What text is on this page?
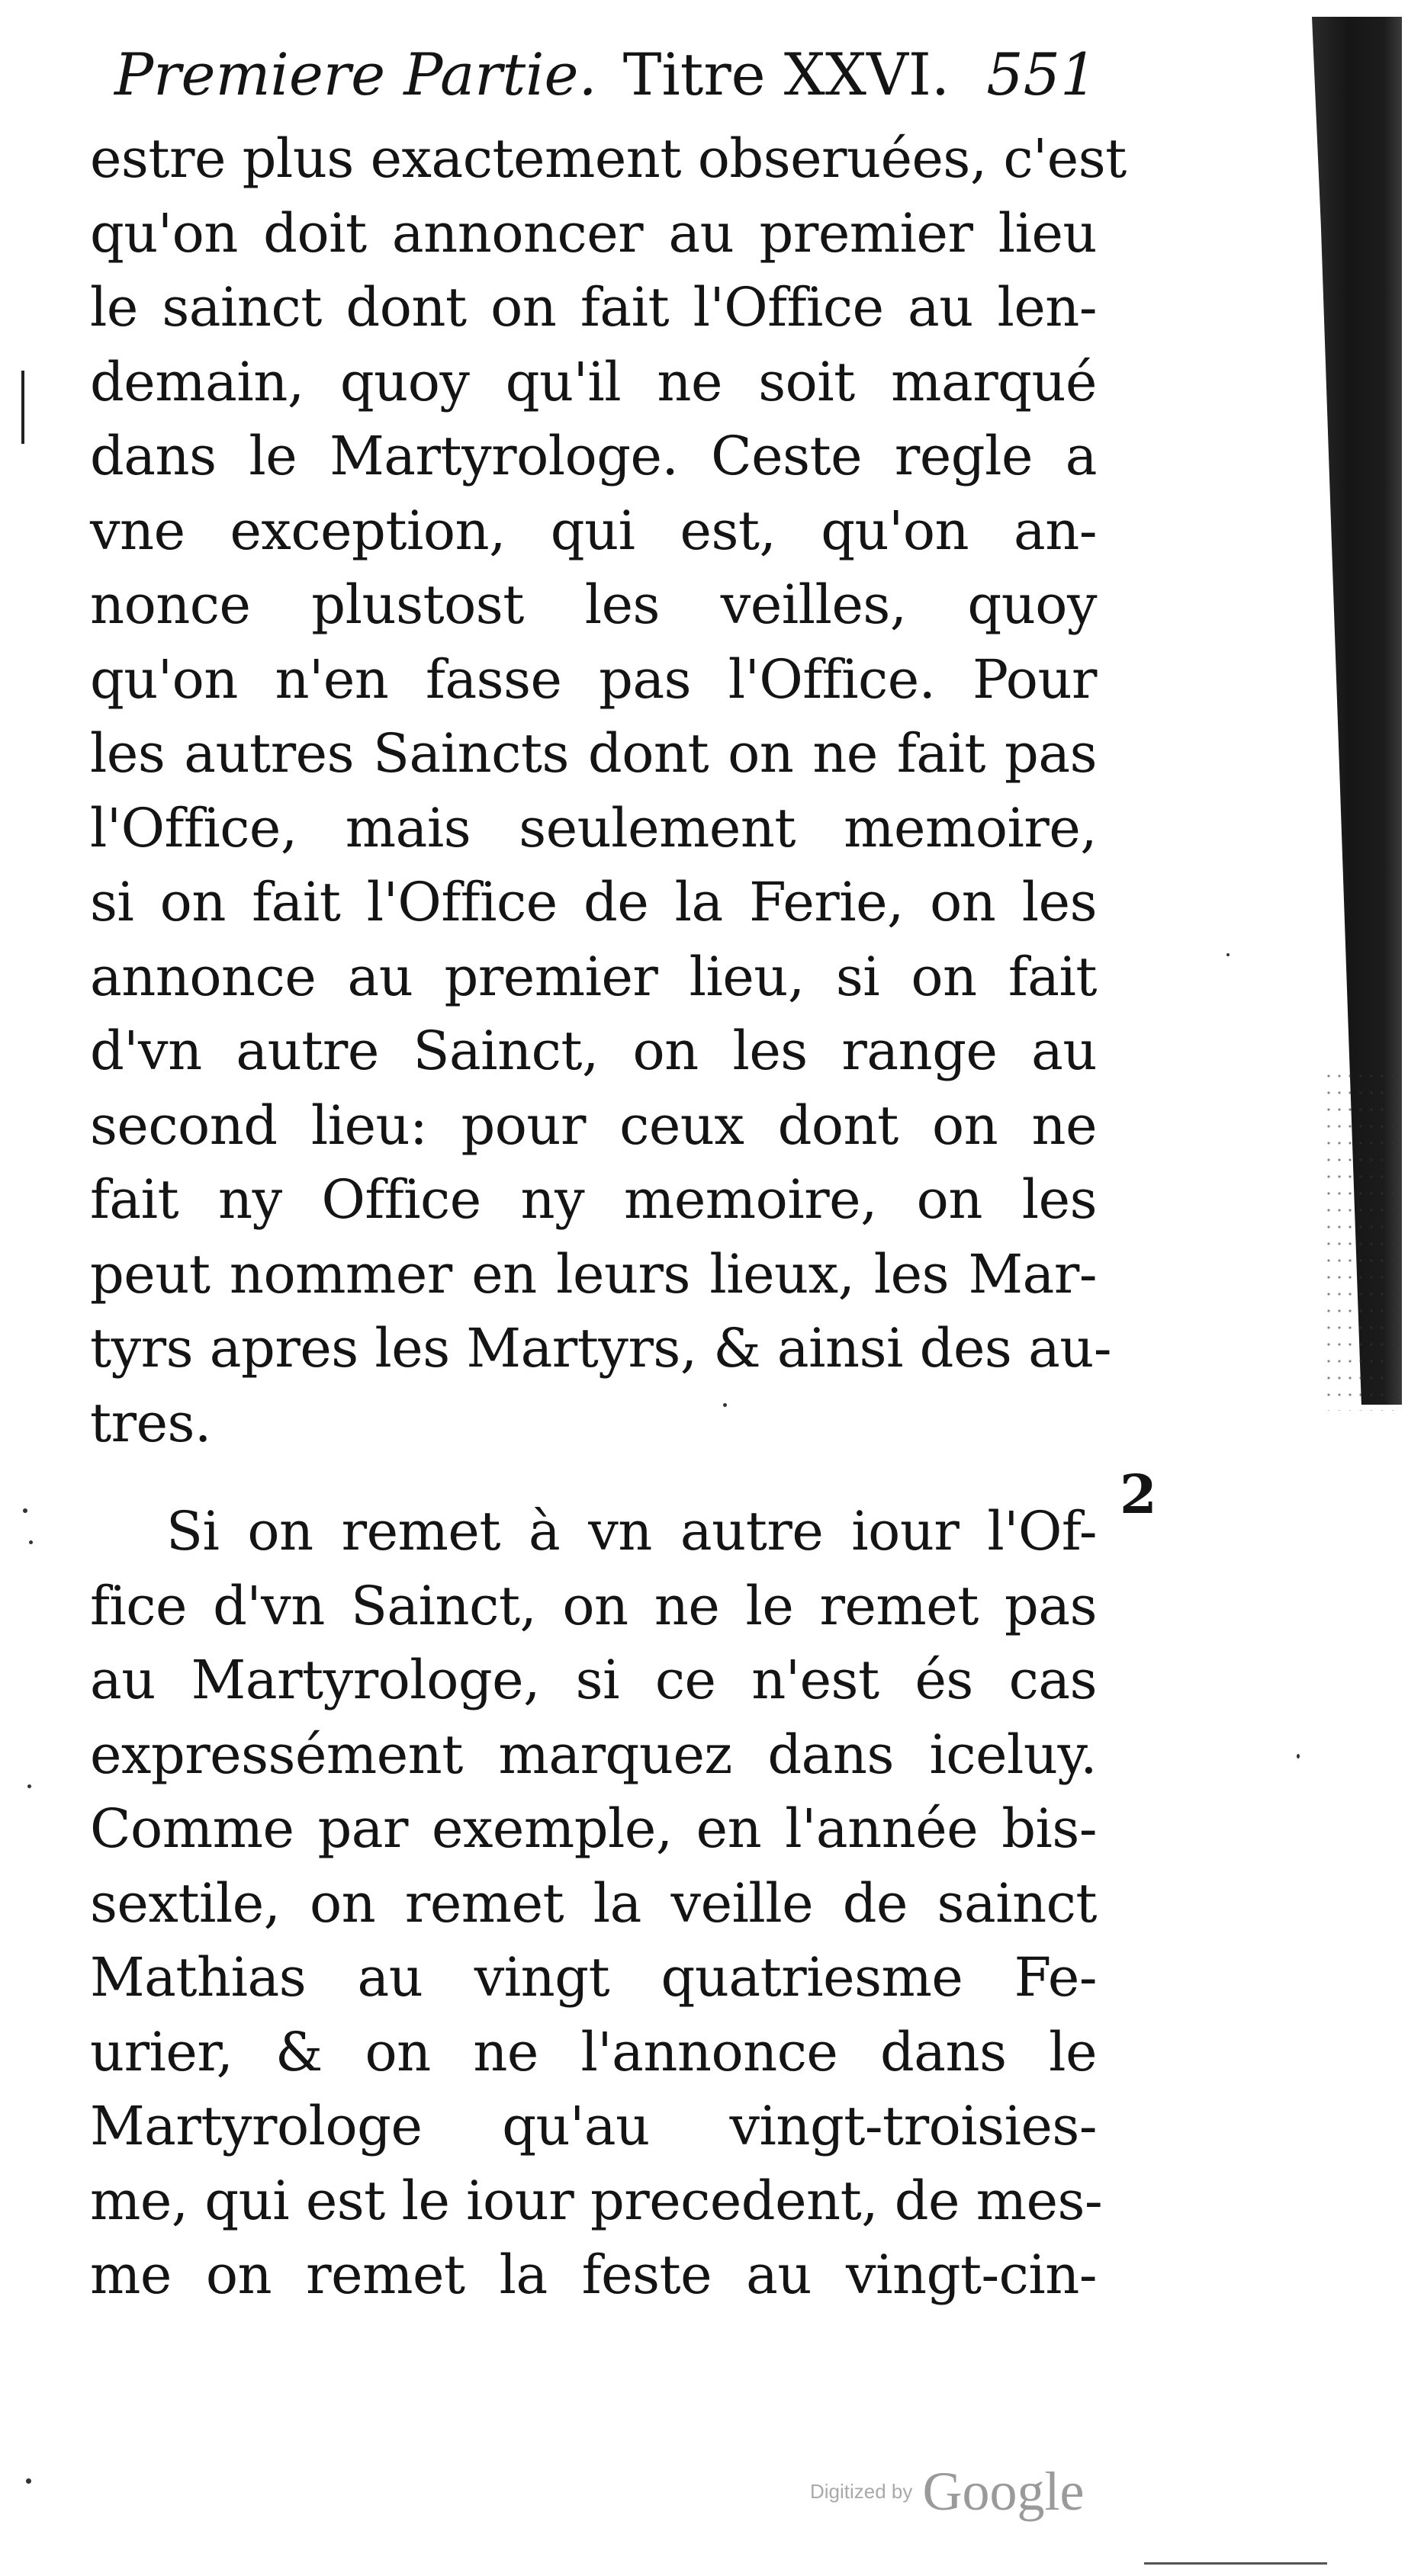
Premiere Partie. Titre XXVI. 551
estre plus exactement obseruées, c'est
qu'on doit annoncer au premier lieu
le sainct dont on fait l'Office au len-
demain, quoy qu'il ne soit marqué
dans le Martyrologe. Ceste regle a
vne exception, qui est, qu'on an-
nonce plustost les veilles, quoy
qu'on n'en fasse pas l'Office. Pour
les autres Saincts dont on ne fait pas
l'Office, mais seulement memoire,
si on fait l'Office de la Ferie, on les
annonce au premier lieu, si on fait
d'vn autre Sainct, on les range au
second lieu: pour ceux dont on ne
fait ny Office ny memoire, on les
peut nommer en leurs lieux, les Mar-
tyrs apres les Martyrs, & ainsi des au-
tres.
Si on remet à vn autre iour l'Of-
fice d'vn Sainct, on ne le remet pas
au Martyrologe, si ce n'est és cas
expressément marquez dans iceluy.
Comme par exemple, en l'année bis-
sextile, on remet la veille de sainct
Mathias au vingt quatriesme Fe-
urier, & on ne l'annonce dans le
Martyrologe qu'au vingt-troisies-
me, qui est le iour precedent, de mes-
me on remet la feste au vingt-cin-
2
Digitized by Google
